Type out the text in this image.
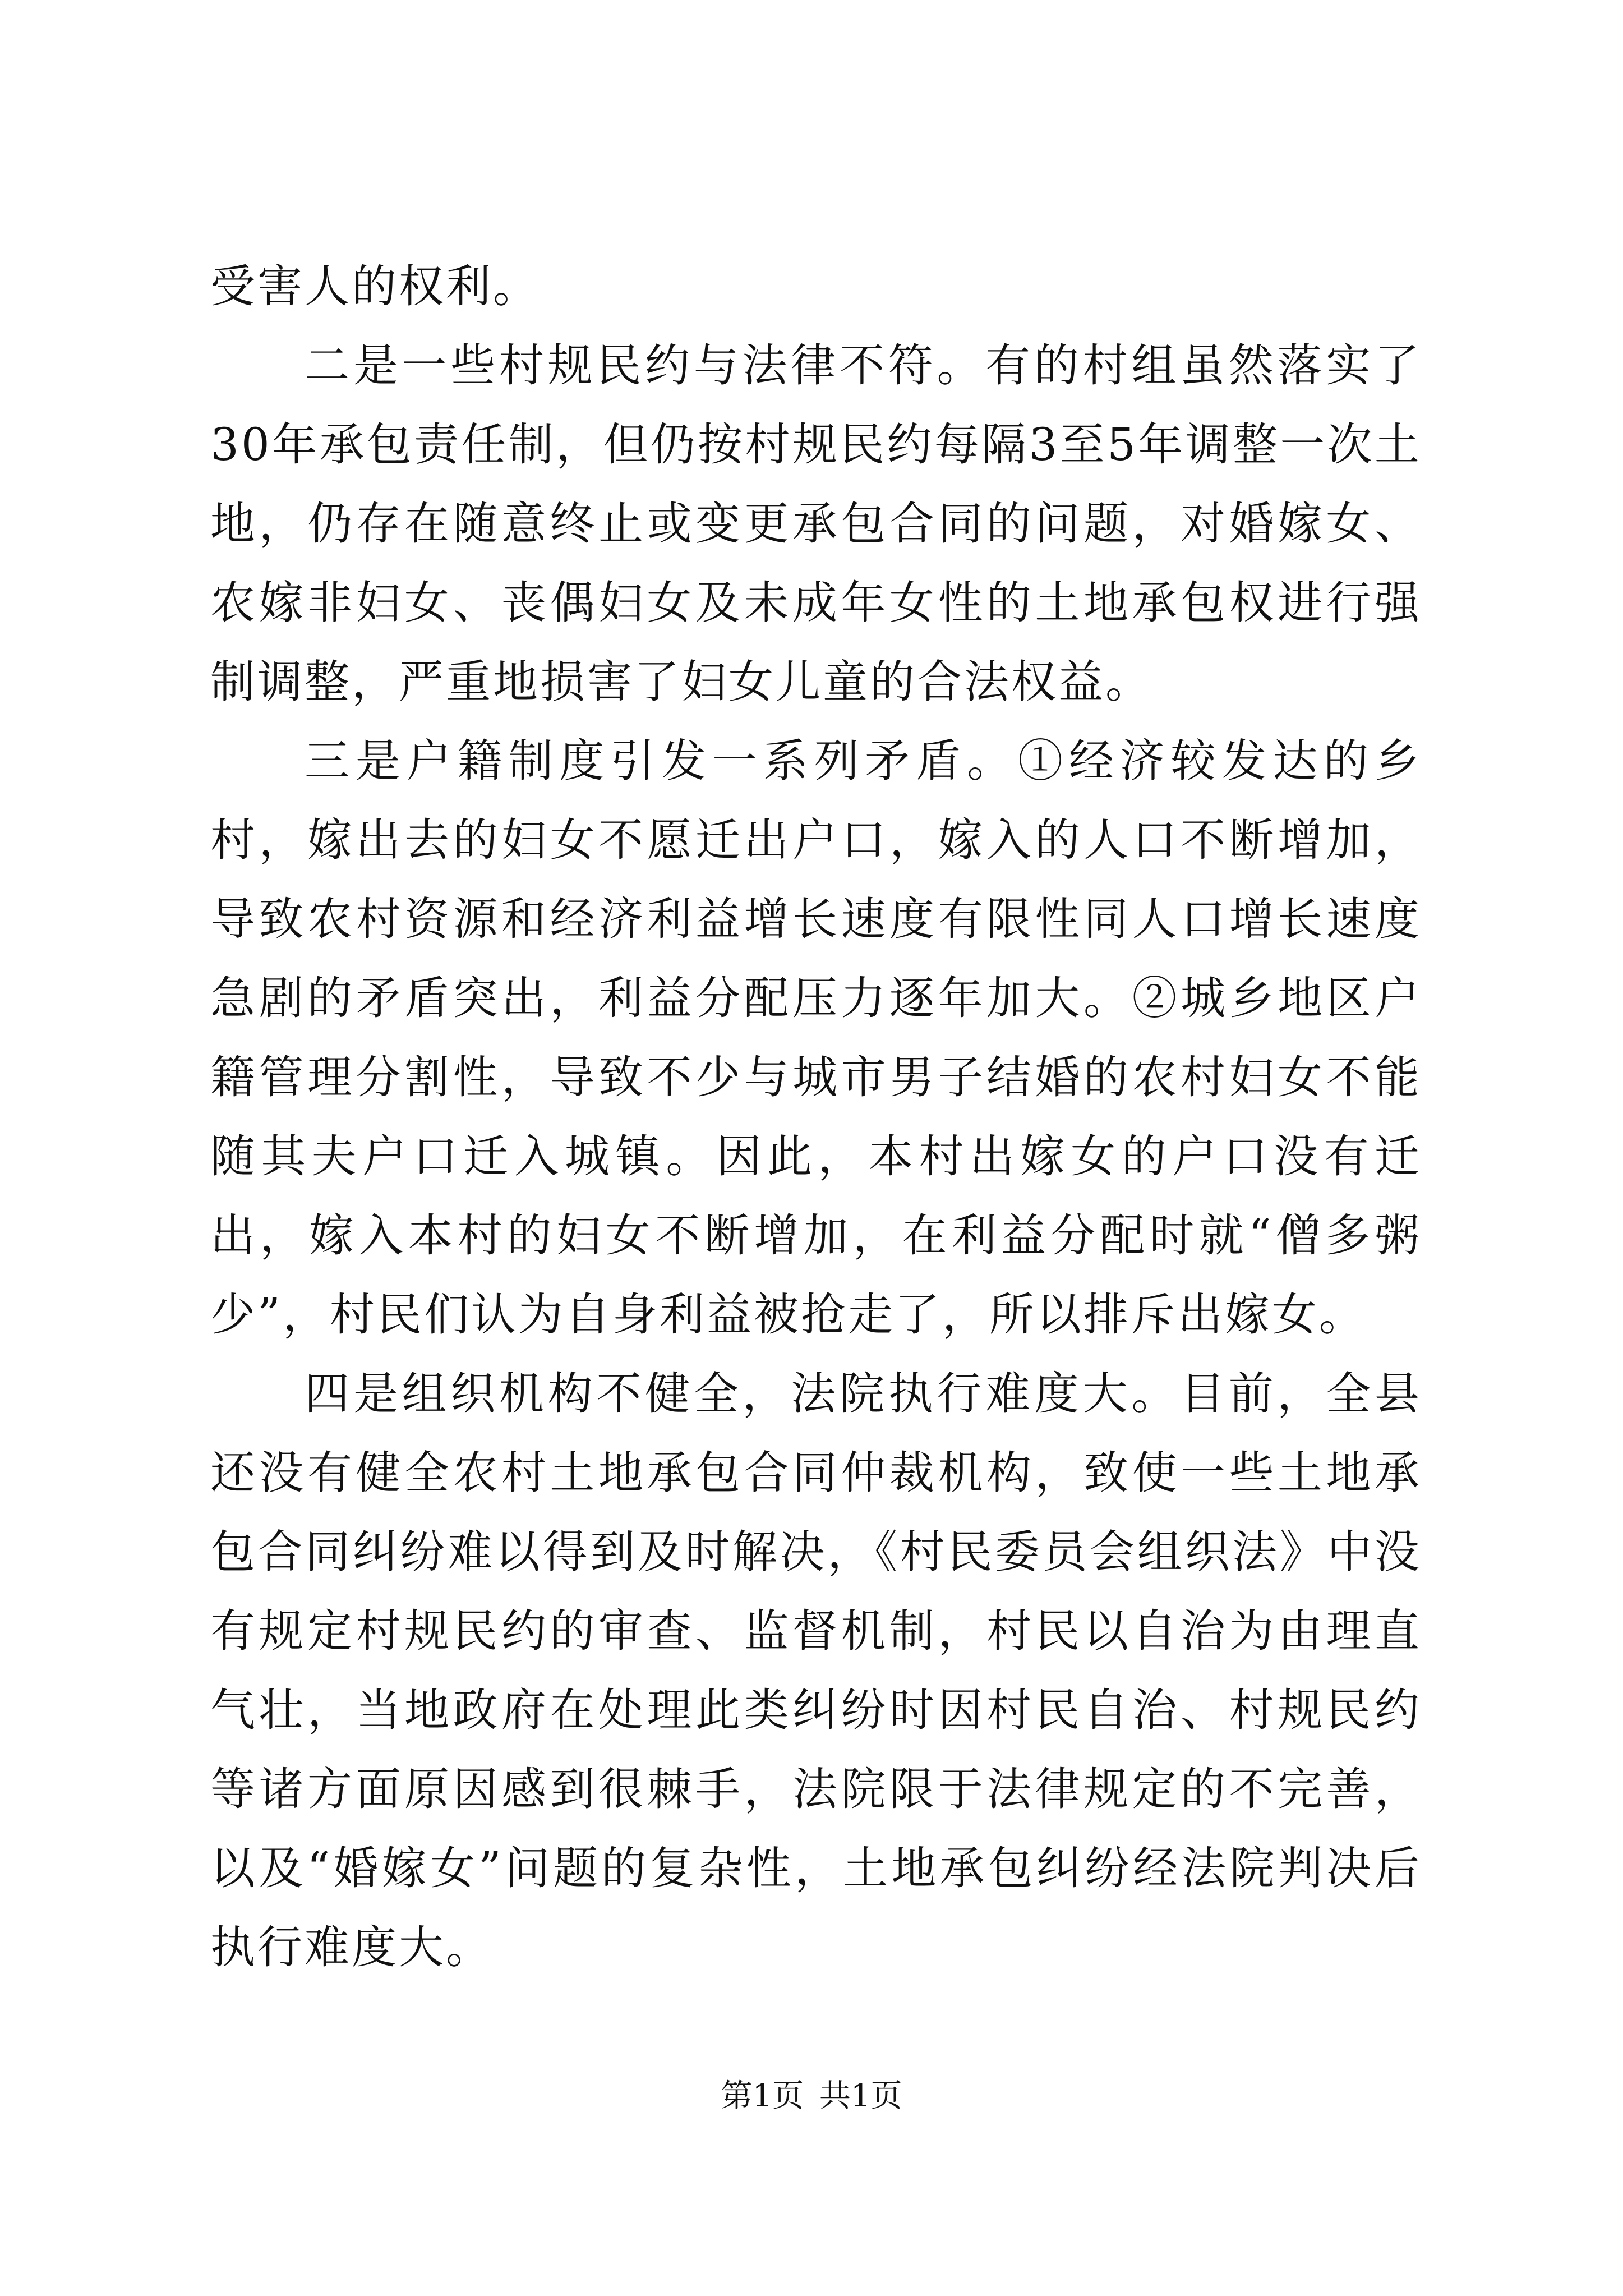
受害人的权利。

二是一些村规民约与法律不符。有的村组虽然落实了30年承包责任制，但仍按村规民约每隔3至5年调整一次土地，仍存在随意终止或变更承包合同的问题，对婚嫁女、农嫁非妇女、丧偶妇女及未成年女性的土地承包权进行强制调整，严重地损害了妇女儿童的合法权益。

三是户籍制度引发一系列矛盾。①经济较发达的乡村，嫁出去的妇女不愿迁出户口，嫁入的人口不断增加，导致农村资源和经济利益增长速度有限性同人口增长速度急剧的矛盾突出，利益分配压力逐年加大。②城乡地区户籍管理分割性，导致不少与城市男子结婚的农村妇女不能随其夫户口迁入城镇。因此，本村出嫁女的户口没有迁出，嫁入本村的妇女不断增加，在利益分配时就“僧多粥少”，村民们认为自身利益被抢走了，所以排斥出嫁女。

四是组织机构不健全，法院执行难度大。目前，全县还没有健全农村土地承包合同仲裁机构，致使一些土地承包合同纠纷难以得到及时解决，《村民委员会组织法》中没有规定村规民约的审查、监督机制，村民以自治为由理直气壮，当地政府在处理此类纠纷时因村民自治、村规民约等诸方面原因感到很棘手，法院限于法律规定的不完善，以及“婚嫁女”问题的复杂性，土地承包纠纷经法院判决后执行难度大。

第1页 共1页
